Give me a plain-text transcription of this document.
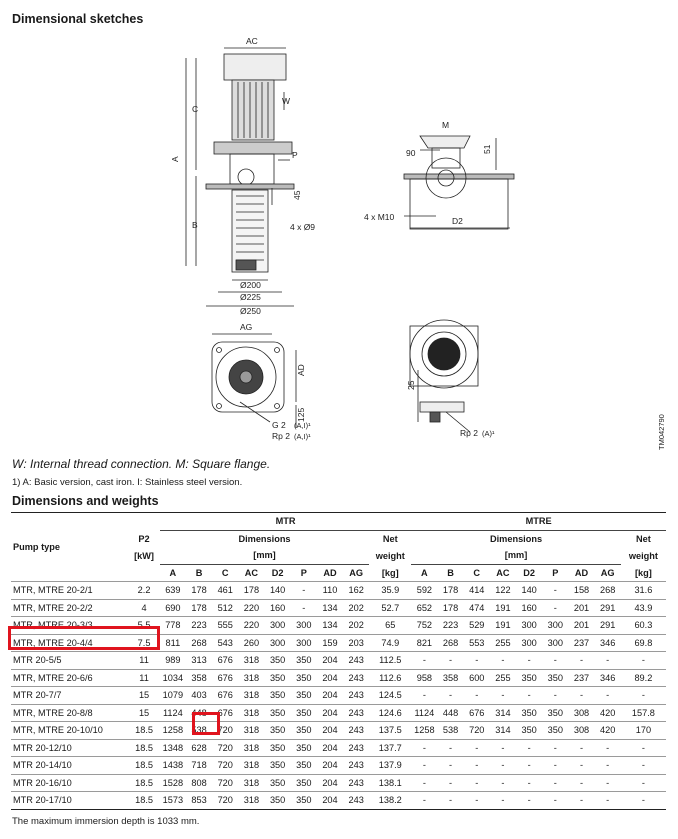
Dimensional sketches
AC
W
A
C
P
B
45
4 x Ø9
Ø200
Ø225
Ø250
M
90	51
4 x M10	D2
AG
AD
125
G 2 (A,I)¹
Rp 2 (A,I)¹
25
Rp 2 (A)¹	TM042790
W: Internal thread connection. M: Square flange.
1) A: Basic version, cast iron. I: Stainless steel version.
Dimensions and weights
		MTR									MTRE								
Pump type	P2	Dimensions								Net	Dimensions								Net
	[kW]	[mm]								weight	[mm]								weight
		A	B	C	AC	D2	P	AD	AG	[kg]	A	B	C	AC	D2	P	AD	AG	[kg]
MTR, MTRE 20-2/1	2.2	639	178	461	178	140	-	110	162	35.9	592	178	414	122	140	-	158	268	31.6
MTR, MTRE 20-2/2	4	690	178	512	220	160	-	134	202	52.7	652	178	474	191	160	-	201	291	43.9
MTR, MTRE 20-3/3	5.5	778	223	555	220	300	300	134	202	65	752	223	529	191	300	300	201	291	60.3
MTR, MTRE 20-4/4	7.5	811	268	543	260	300	300	159	203	74.9	821	268	553	255	300	300	237	346	69.8
MTR 20-5/5	11	989	313	676	318	350	350	204	243	112.5	-	-	-	-	-	-	-	-	-
MTR, MTRE 20-6/6	11	1034	358	676	318	350	350	204	243	112.6	958	358	600	255	350	350	237	346	89.2
MTR 20-7/7	15	1079	403	676	318	350	350	204	243	124.5	-	-	-	-	-	-	-	-	-
MTR, MTRE 20-8/8	15	1124	448	676	318	350	350	204	243	124.6	1124	448	676	314	350	350	308	420	157.8
MTR, MTRE 20-10/10	18.5	1258	538	720	318	350	350	204	243	137.5	1258	538	720	314	350	350	308	420	170
MTR 20-12/10	18.5	1348	628	720	318	350	350	204	243	137.7	-	-	-	-	-	-	-	-	-
MTR 20-14/10	18.5	1438	718	720	318	350	350	204	243	137.9	-	-	-	-	-	-	-	-	-
MTR 20-16/10	18.5	1528	808	720	318	350	350	204	243	138.1	-	-	-	-	-	-	-	-	-
MTR 20-17/10	18.5	1573	853	720	318	350	350	204	243	138.2	-	-	-	-	-	-	-	-	-
The maximum immersion depth is 1033 mm.
